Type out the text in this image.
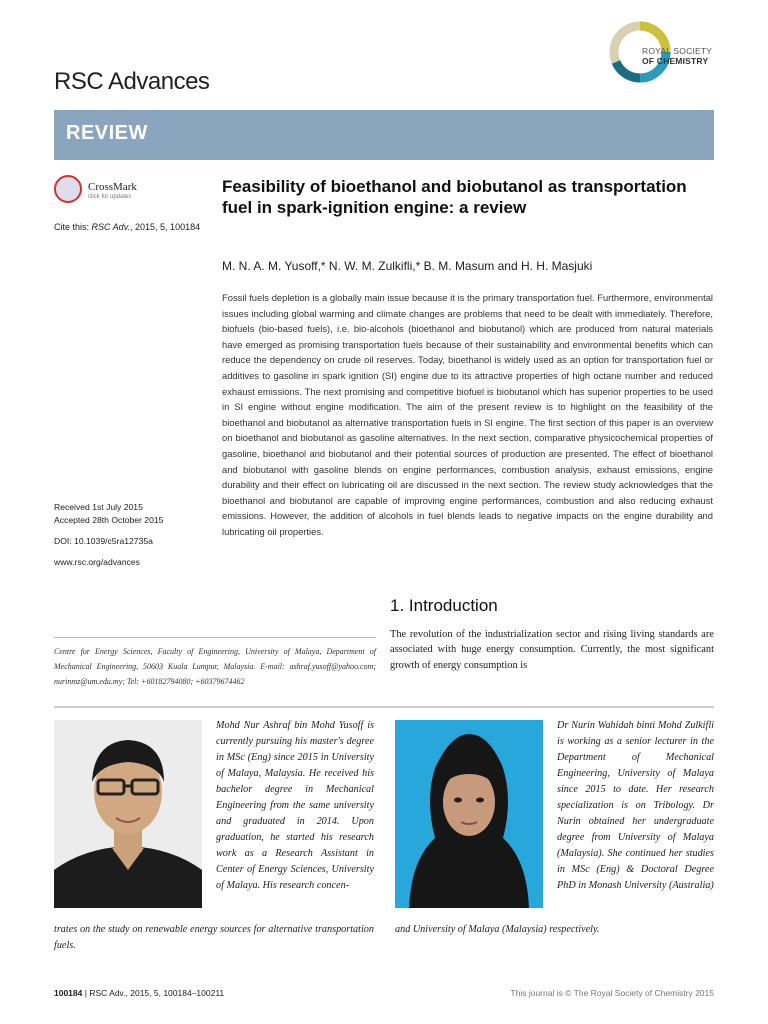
RSC Advances
ROYAL SOCIETY
OF CHEMISTRY
REVIEW
CrossMark
click for updates
Cite this: RSC Adv., 2015, 5, 100184
Feasibility of bioethanol and biobutanol as transportation fuel in spark-ignition engine: a review
M. N. A. M. Yusoff,* N. W. M. Zulkifli,* B. M. Masum and H. H. Masjuki
Fossil fuels depletion is a globally main issue because it is the primary transportation fuel. Furthermore, environmental issues including global warming and climate changes are problems that need to be dealt with immediately. Therefore, biofuels (bio-based fuels), i.e. bio-alcohols (bioethanol and biobutanol) which are produced from natural materials have emerged as promising transportation fuels because of their sustainability and environmental benefits which can reduce the dependency on crude oil reserves. Today, bioethanol is widely used as an option for transportation fuel or additives to gasoline in spark ignition (SI) engine due to its attractive properties of high octane number and reduced exhaust emissions. The next promising and competitive biofuel is biobutanol which has superior properties to be used in SI engine without engine modification. The aim of the present review is to highlight on the feasibility of the bioethanol and biobutanol as alternative transportation fuels in SI engine. The first section of this paper is an overview on bioethanol and biobutanol as gasoline alternatives. In the next section, comparative physicochemical properties of gasoline, bioethanol and biobutanol and their potential sources of production are presented. The effect of bioethanol and biobutanol with gasoline blends on engine performances, combustion analysis, exhaust emissions, engine durability and their effect on lubricating oil are discussed in the next section. The review study acknowledges that the bioethanol and biobutanol are capable of improving engine performances, combustion and also reducing exhaust emissions. However, the addition of alcohols in fuel blends leads to negative impacts on the engine durability and lubricating oil properties.
Received 1st July 2015
Accepted 28th October 2015
DOI: 10.1039/c5ra12735a
www.rsc.org/advances
1. Introduction
The revolution of the industrialization sector and rising living standards are associated with huge energy consumption. Currently, the most significant growth of energy consumption is
Centre for Energy Sciences, Faculty of Engineering, University of Malaya, Department of Mechanical Engineering, 50603 Kuala Lumpur, Malaysia. E-mail: ashraf.yusoff@yahoo.com; nurinmz@um.edu.my; Tel: +60182794080; +60379674462
Mohd Nur Ashraf bin Mohd Yusoff is currently pursuing his master's degree in MSc (Eng) since 2015 in University of Malaya, Malaysia. He received his bachelor degree in Mechanical Engineering from the same university and graduated in 2014. Upon graduation, he started his research work as a Research Assistant in Center of Energy Sciences, University of Malaya. His research concen-
trates on the study on renewable energy sources for alternative transportation fuels.
Dr Nurin Wahidah binti Mohd Zulkifli is working as a senior lecturer in the Department of Mechanical Engineering, University of Malaya since 2015 to date. Her research specialization is on Tribology. Dr Nurin obtained her undergraduate degree from University of Malaya (Malaysia). She continued her studies in MSc (Eng) & Doctoral Degree PhD in Monash University (Australia)
and University of Malaya (Malaysia) respectively.
100184 | RSC Adv., 2015, 5, 100184–100211	This journal is © The Royal Society of Chemistry 2015
